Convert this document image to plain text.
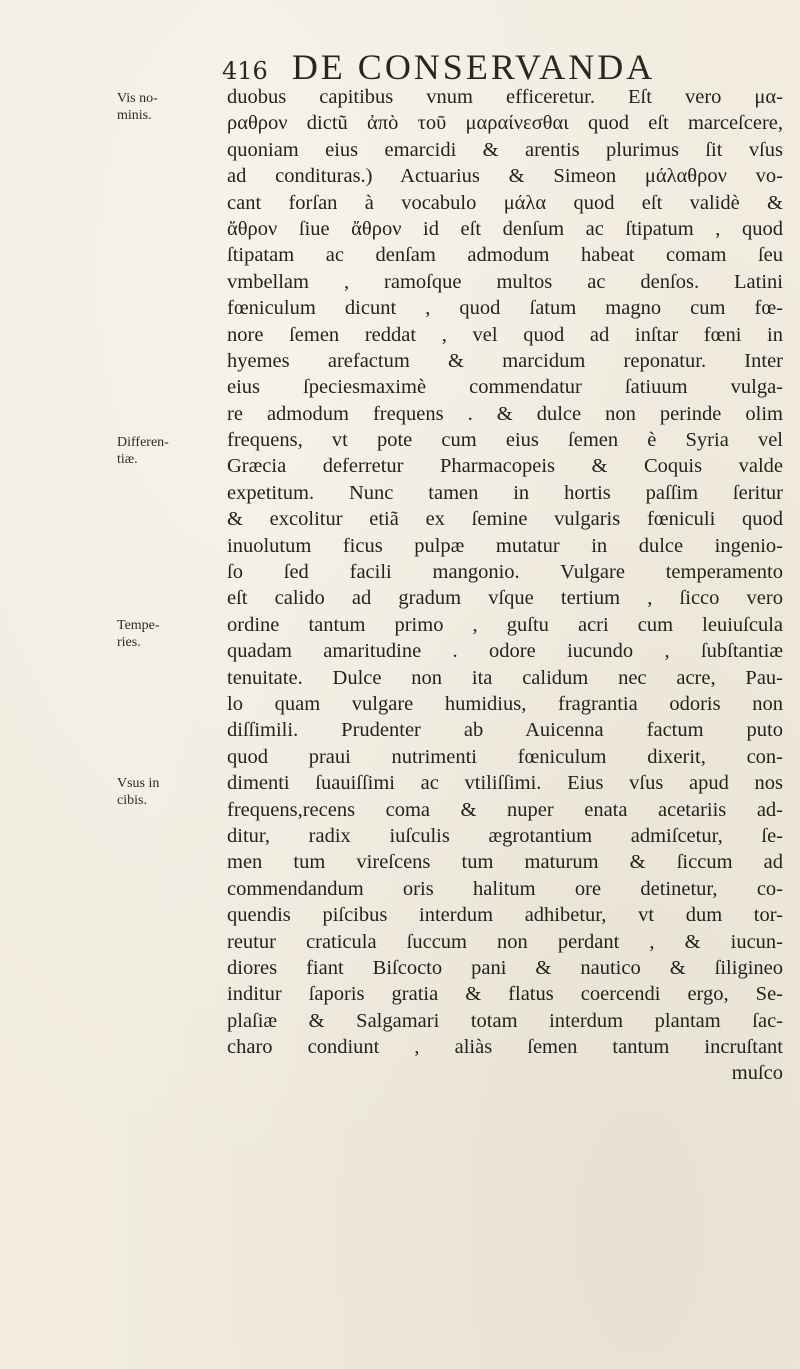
416 DE CONSERVANDA
Vis no-
minis.
Differen-
tiæ.
Tempe-
ries.
Vsus in
cibis.
duobus capitibus vnum efficeretur. Eſt vero μα-
ραθρον dictũ ἀπὸ τοῦ μαραίνεσθαι quod eſt marceſcere,
quoniam eius emarcidi & arentis plurimus ſit vſus
ad condituras.) Actuarius & Simeon μάλαθρον vo-
cant forſan à vocabulo μάλα quod eſt validè &
ἄθρον ſiue ἄθρον id eſt denſum ac ſtipatum , quod
ſtipatam ac denſam admodum habeat comam ſeu
vmbellam , ramoſque multos ac denſos. Latini
fœniculum dicunt , quod ſatum magno cum fœ-
nore ſemen reddat , vel quod ad inſtar fœni in
hyemes arefactum & marcidum reponatur. Inter
eius ſpeciesmaximè commendatur ſatiuum vulga-
re admodum frequens . & dulce non perinde olim
frequens, vt pote cum eius ſemen è Syria vel
Græcia deferretur Pharmacopeis & Coquis valde
expetitum. Nunc tamen in hortis paſſim ſeritur
& excolitur etiã ex ſemine vulgaris fœniculi quod
inuolutum ficus pulpæ mutatur in dulce ingenio-
ſo ſed facili mangonio. Vulgare temperamento
eſt calido ad gradum vſque tertium , ſicco vero
ordine tantum primo , guſtu acri cum leuiuſcula
quadam amaritudine . odore iucundo , ſubſtantiæ
tenuitate. Dulce non ita calidum nec acre, Pau-
lo quam vulgare humidius, fragrantia odoris non
diſſimili. Prudenter ab Auicenna factum puto
quod praui nutrimenti fœniculum dixerit, con-
dimenti ſuauiſſimi ac vtiliſſimi. Eius vſus apud nos
frequens,recens coma & nuper enata acetariis ad-
ditur, radix iuſculis ægrotantium admiſcetur, ſe-
men tum vireſcens tum maturum & ſiccum ad
commendandum oris halitum ore detinetur, co-
quendis piſcibus interdum adhibetur, vt dum tor-
reutur craticula ſuccum non perdant , & iucun-
diores fiant Biſcocto pani & nautico & ſiligineo
inditur ſaporis gratia & flatus coercendi ergo, Se-
plaſiæ & Salgamari totam interdum plantam ſac-
charo condiunt , aliàs ſemen tantum incruſtant
muſco
